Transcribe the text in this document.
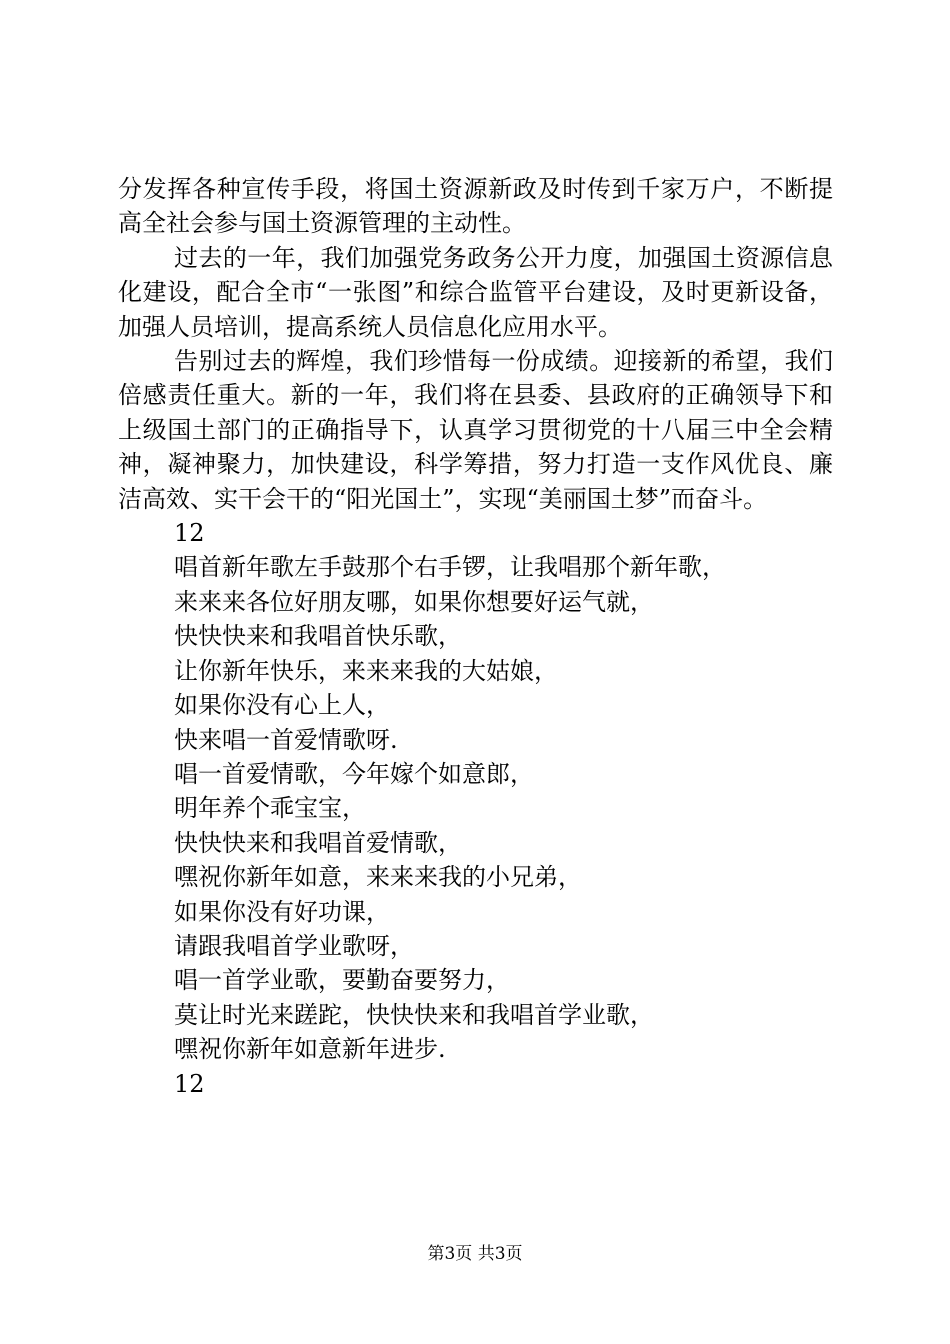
分发挥各种宣传手段，将国土资源新政及时传到千家万户，不断提高全社会参与国土资源管理的主动性。

过去的一年，我们加强党务政务公开力度，加强国土资源信息化建设，配合全市“一张图”和综合监管平台建设，及时更新设备，加强人员培训，提高系统人员信息化应用水平。

告别过去的辉煌，我们珍惜每一份成绩。迎接新的希望，我们倍感责任重大。新的一年，我们将在县委、县政府的正确领导下和上级国土部门的正确指导下，认真学习贯彻党的十八届三中全会精神，凝神聚力，加快建设，科学筹措，努力打造一支作风优良、廉洁高效、实干会干的“阳光国土”，实现“美丽国土梦”而奋斗。

12
唱首新年歌左手鼓那个右手锣，让我唱那个新年歌，
来来来各位好朋友哪，如果你想要好运气就，
快快快来和我唱首快乐歌，
让你新年快乐，来来来我的大姑娘，
如果你没有心上人，
快来唱一首爱情歌呀.
唱一首爱情歌，今年嫁个如意郎，
明年养个乖宝宝，
快快快来和我唱首爱情歌，
嘿祝你新年如意，来来来我的小兄弟，
如果你没有好功课，
请跟我唱首学业歌呀，
唱一首学业歌，要勤奋要努力，
莫让时光来蹉跎，快快快来和我唱首学业歌，
嘿祝你新年如意新年进步.
12
第3页 共3页
